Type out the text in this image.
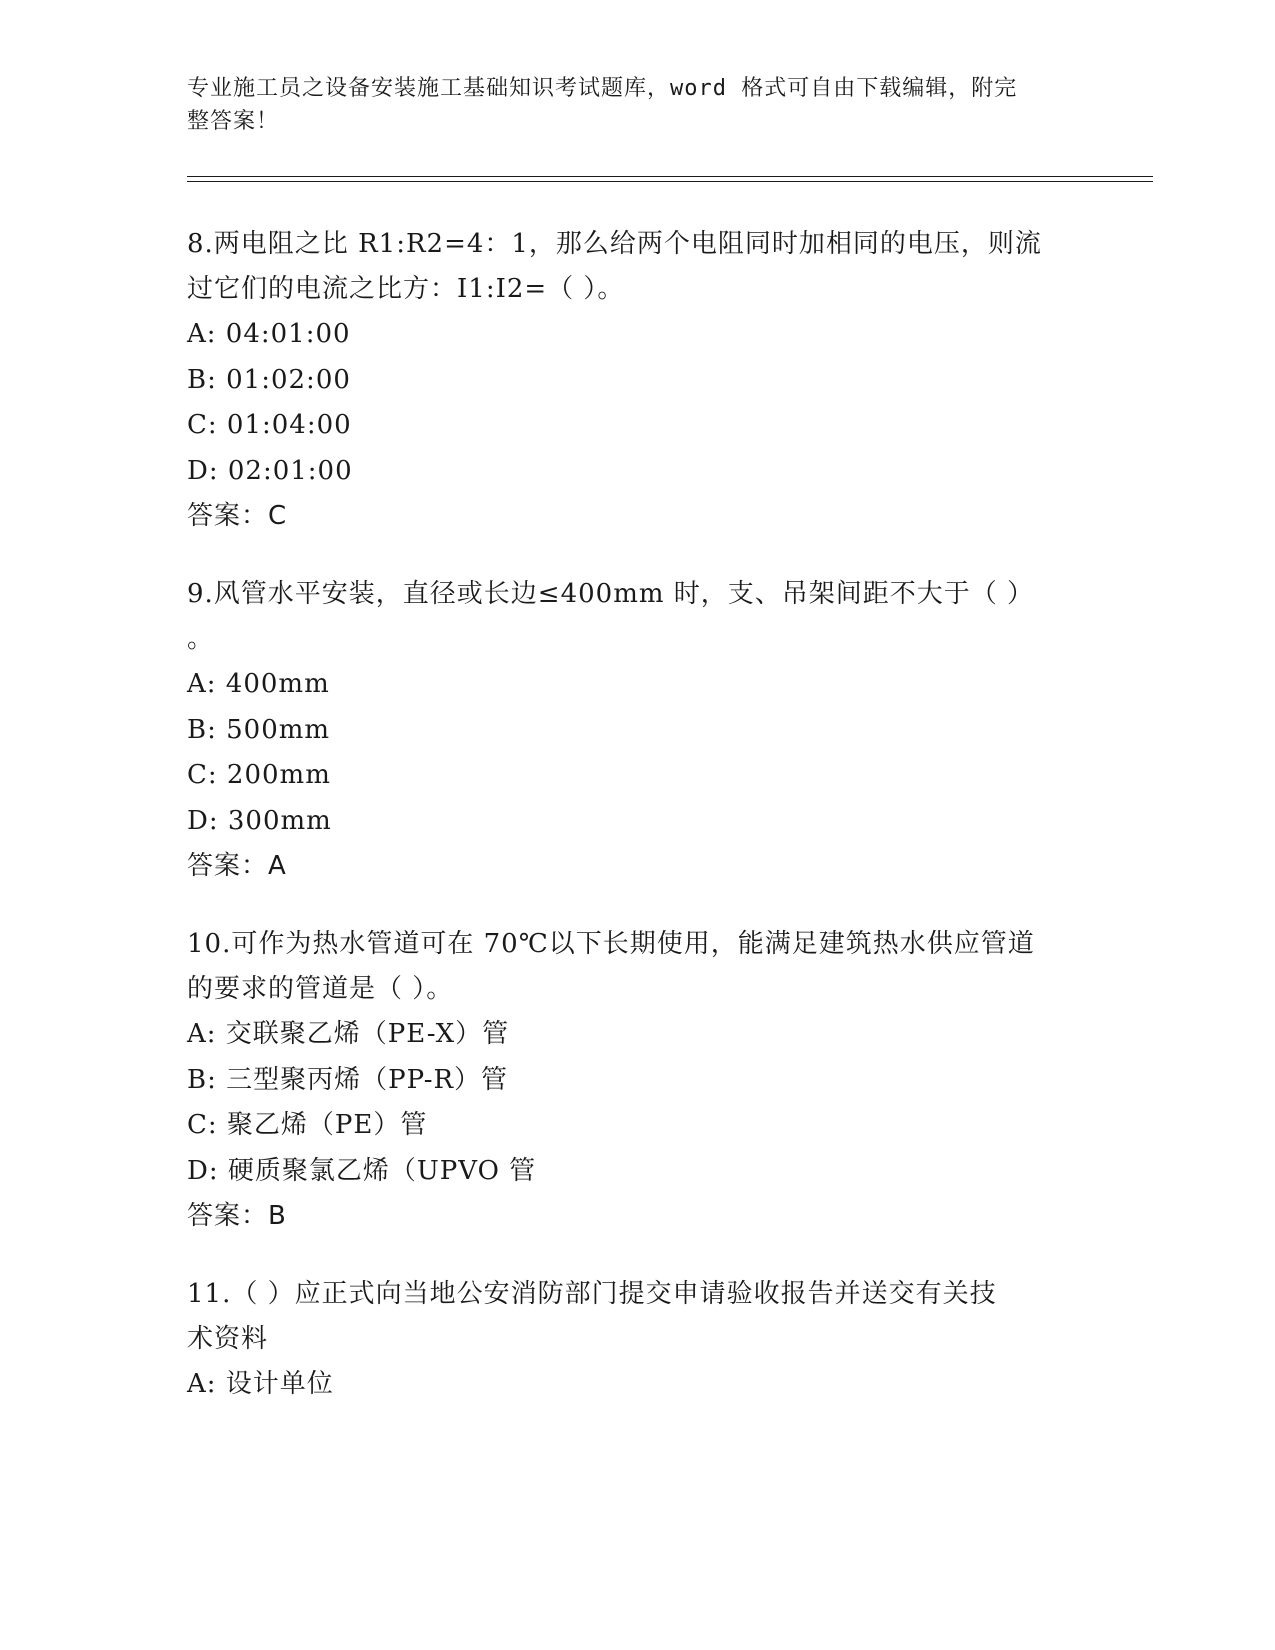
专业施工员之设备安装施工基础知识考试题库，word 格式可自由下载编辑，附完
整答案！
8.两电阻之比 R1:R2=4：1，那么给两个电阻同时加相同的电压，则流
过它们的电流之比方：I1:I2=（ ）。
A: 04:01:00
B: 01:02:00
C: 01:04:00
D: 02:01:00
答案：C
9.风管水平安装，直径或长边≤400mm 时，支、吊架间距不大于（ ）
。
A: 400mm
B: 500mm
C: 200mm
D: 300mm
答案：A
10.可作为热水管道可在 70℃以下长期使用，能满足建筑热水供应管道
的要求的管道是（ ）。
A: 交联聚乙烯（PE-X）管
B: 三型聚丙烯（PP-R）管
C: 聚乙烯（PE）管
D: 硬质聚氯乙烯（UPVO 管
答案：B
11.（ ）应正式向当地公安消防部门提交申请验收报告并送交有关技
术资料
A: 设计单位
